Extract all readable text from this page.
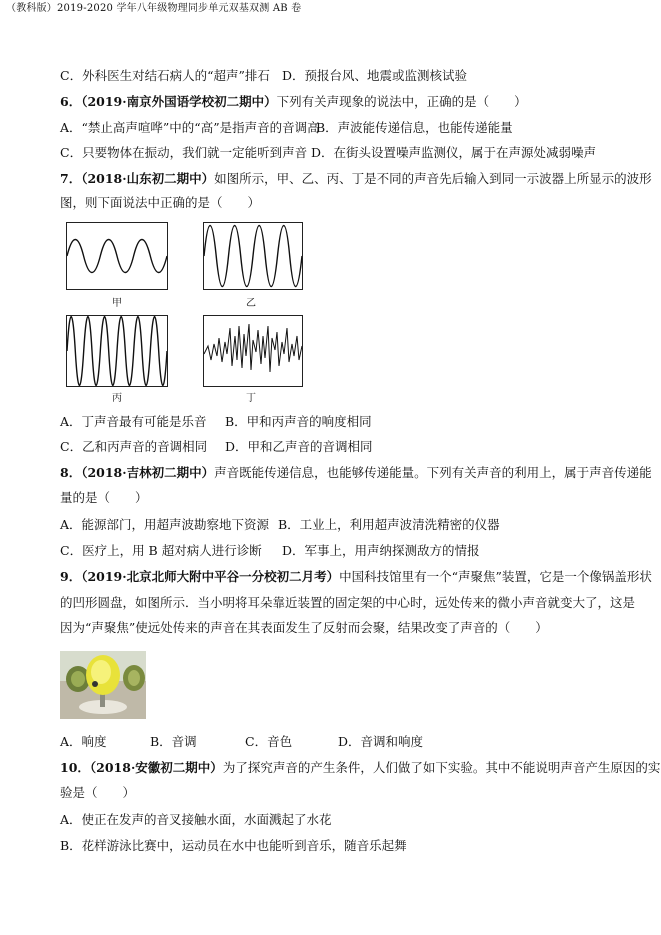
（教科版）2019-2020 学年八年级物理同步单元双基双测 AB 卷
C．外科医生对结石病人的“超声”排石 D．预报台风、地震或监测核试验
6．（2019·南京外国语学校初二期中）下列有关声现象的说法中，正确的是（　　）
A．“禁止高声喧哗”中的“高”是指声音的音调高
B．声波能传递信息，也能传递能量
C．只要物体在振动，我们就一定能听到声音 D．在街头设置噪声监测仪，属于在声源处减弱噪声
7．（2018·山东初二期中）如图所示，甲、乙、丙、丁是不同的声音先后输入到同一示波器上所显示的波形
图，则下面说法中正确的是（　　）
甲	乙
丙	丁
A．丁声音最有可能是乐音 B．甲和丙声音的响度相同
C．乙和丙声音的音调相同 D．甲和乙声音的音调相同
8．（2018·吉林初二期中）声音既能传递信息，也能够传递能量。下列有关声音的利用上，属于声音传递能
量的是（　　）
A．能源部门，用超声波勘察地下资源 B．工业上，利用超声波清洗精密的仪器
C．医疗上，用 B 超对病人进行诊断 D．军事上，用声纳探测敌方的情报
9．（2019·北京北师大附中平谷一分校初二月考）中国科技馆里有一个“声聚焦”装置，它是一个像锅盖形状
的凹形圆盘，如图所示．当小明将耳朵靠近装置的固定架的中心时，远处传来的微小声音就变大了，这是
因为“声聚焦”使远处传来的声音在其表面发生了反射而会聚，结果改变了声音的（　　）
A．响度	B．音调	C．音色	D．音调和响度
10．（2018·安徽初二期中）为了探究声音的产生条件，人们做了如下实验。其中不能说明声音产生原因的实
验是（　　）
A．使正在发声的音叉接触水面，水面溅起了水花
B．花样游泳比赛中，运动员在水中也能听到音乐，随音乐起舞
